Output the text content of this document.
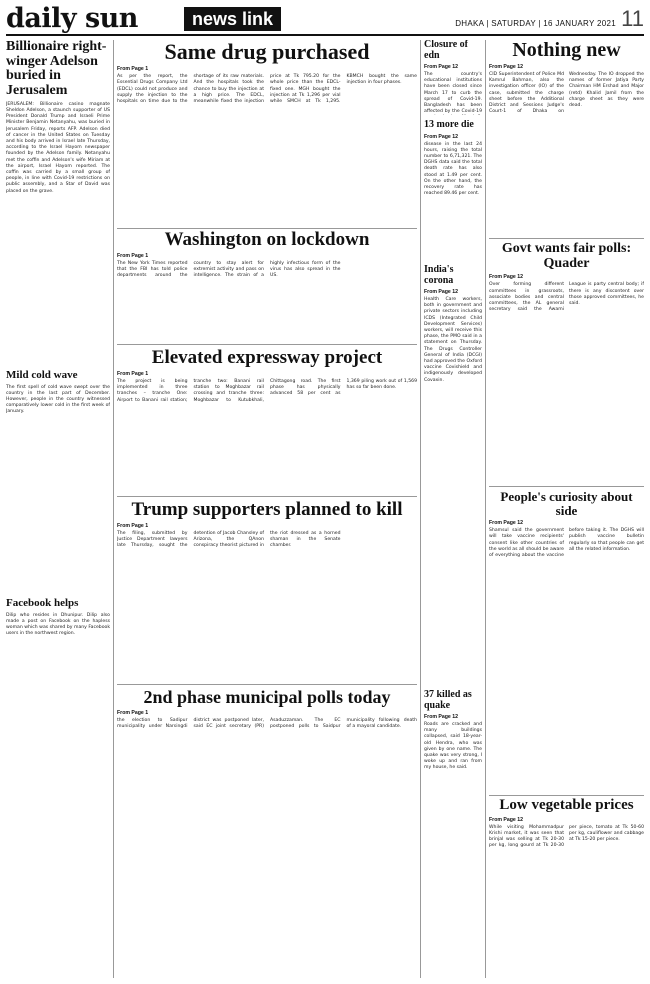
daily sun	news link	DHAKA | SATURDAY | 16 JANUARY 2021 11
Billionaire right-winger Adelson buried in Jerusalem
JERUSALEM: Billionaire casino magnate Sheldon Adelson, a staunch supporter of US President Donald Trump and Israeli Prime Minister Benjamin Netanyahu, was buried in Jerusalem Friday, reports AFP. Adelson died of cancer in the United States on Tuesday and his body arrived in Israel late Thursday, according to the Israel Hayom newspaper founded by the Adelson family. Netanyahu met the coffin and Adelson's wife Miriam at the airport, Israel Hayom reported. The coffin was carried by a small group of people, in line with Covid-19 restrictions on public assembly, and a Star of David was placed on the grave.
Mild cold wave
The first spell of cold wave swept over the country in the last part of December. However, people in the country witnessed comparatively lower cold in the first week of January.
Facebook helps
Dilip who resides in Dhunipur. Dilip also made a post on Facebook on the hapless woman which was shared by many Facebook users in the northwest region.
Same drug purchased
From Page 1
As per the report, the Essential Drugs Company Ltd (EDCL) could not produce and supply the injection to the hospitals on time due to the shortage of its raw materials. And the hospitals took the chance to buy the injection at a high price. The EDCL, meanwhile fixed the injection price at Tk 795.20 for the whole price than the EDCL-fixed one. MGH bought the injection at Tk 1,296 per vial while SMCH at Tk 1,295. KBMCH bought the same injection in four phases.
Washington on lockdown
From Page 1
The New York Times reported that the FBI has told police departments around the country to stay alert for extremist activity and pass on intelligence. The strain of a highly infectious form of the virus has also spread in the US.
Elevated expressway project
From Page 1
The project is being implemented in three tranches – tranche One: Airport to Banani rail station; tranche two: Banani rail station to Moghbazar rail crossing and tranche three: Moghbazar to Kutubkhali, Chittagong road. The first phase has physically advanced 58 per cent as 1,369 piling work out of 1,569 has so far been done.
Trump supporters planned to kill
From Page 1
The filing, submitted by Justice Department lawyers late Thursday, sought the detention of Jacob Chansley of Arizona, the QAnon conspiracy theorist pictured in the riot dressed as a horned shaman in the Senate chamber.
2nd phase municipal polls today
From Page 1
the election to Sadipur municipality under Narsingdi district was postponed later, said EC joint secretary (PR) Asaduzzaman. The EC postponed polls to Saidpur municipality following death of a mayoral candidate.
Closure of edn
From Page 12
The country's educational institutions have been closed since March 17 to curb the spread of Covid-19. Bangladesh has been affected by the Covid-19
13 more die
From Page 12
disease in the last 24 hours, raising the total number to 6,71,321. The DGHS data said the total death rate has also stood at 1.49 per cent. On the other hand, the recovery rate has reached 89.46 per cent.
India's corona
From Page 12
Health Care workers, both in government and private sectors including ICDS (Integrated Child Development Services) workers, will receive this phase, the PMO said in a statement on Thursday. The Drugs Controller General of India (DCGI) had approved the Oxford vaccine Covishield and indigenously developed Covaxin.
37 killed as quake
From Page 12
Roads are cracked and many buildings collapsed, said 18-year-old Hendra, who was given by one name. The quake was very strong, I woke up and ran from my house, he said.
Nothing new
From Page 12
CID Superintendent of Police Md Kamrul Bahman, also the investigation officer (IO) of the case, submitted the charge sheet before the Additional District and Sessions Judge's Court-1 of Dhaka on Wednesday. The IO dropped the names of former Jatiya Party Chairman HM Ershad and Major (retd) Khalid Jamil from the charge sheet as they were dead.
Govt wants fair polls: Quader
From Page 12
Over forming different committees in grassroots, associate bodies and central committees, the AL general secretary said the Awami League is party central body; if there is any discontent over those approved committees, he said.
People's curiosity about side
From Page 12
Shamsul said the government will take vaccine recipients' consent like other countries of the world as all should be aware of everything about the vaccine before taking it. The DGHS will publish vaccine bulletin regularly so that people can get all the related information.
Low vegetable prices
From Page 12
While visiting Mohammadpur Krishi market, it was seen that brinjal was selling at Tk 20-30 per kg, long gourd at Tk 20-30 per piece, tomato at Tk 50-60 per kg, cauliflower and cabbage at Tk 15-20 per piece.
